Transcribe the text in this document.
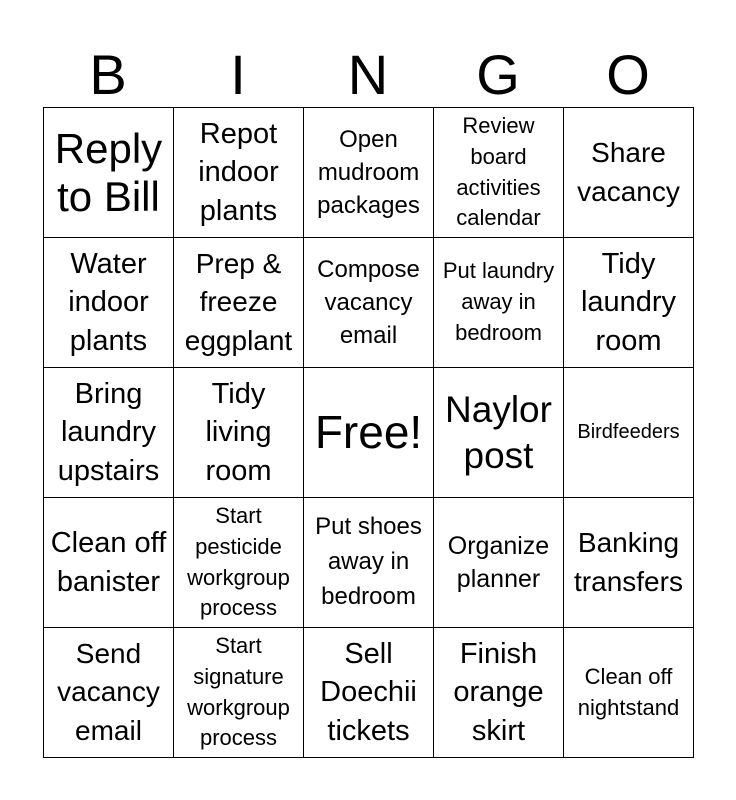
B	I	N	G	O
Reply to Bill	Repot indoor plants	Open mudroom packages	Review board activities calendar	Share vacancy
Water indoor plants	Prep & freeze eggplant	Compose vacancy email	Put laundry away in bedroom	Tidy laundry room
Bring laundry upstairs	Tidy living room	Free!	Naylor post	Birdfeeders
Clean off banister	Start pesticide workgroup process	Put shoes away in bedroom	Organize planner	Banking transfers
Send vacancy email	Start signature workgroup process	Sell Doechii tickets	Finish orange skirt	Clean off nightstand
